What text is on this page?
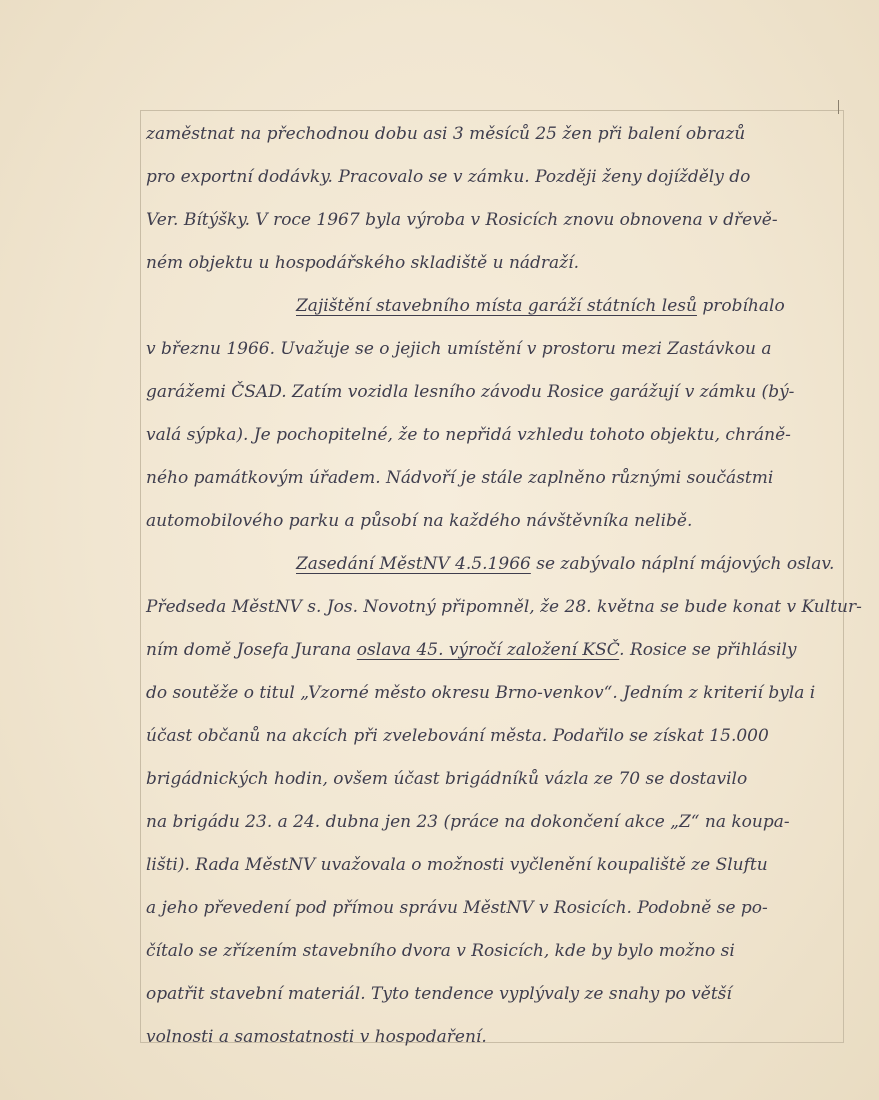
zaměstnat na přechodnou dobu asi 3 měsíců 25 žen při balení obrazů
pro exportní dodávky. Pracovalo se v zámku. Později ženy dojížděly do
Ver. Bítýšky. V roce 1967 byla výroba v Rosicích znovu obnovena v dřevě-
ném objektu u hospodářského skladiště u nádraží.
Zajištění stavebního místa garáží státních lesů probíhalo
v březnu 1966. Uvažuje se o jejich umístění v prostoru mezi Zastávkou a
garážemi ČSAD. Zatím vozidla lesního závodu Rosice garážují v zámku (bý-
valá sýpka). Je pochopitelné, že to nepřidá vzhledu tohoto objektu, chráně-
ného památkovým úřadem. Nádvoří je stále zaplněno různými součástmi
automobilového parku a působí na každého návštěvníka nelibě.
Zasedání MěstNV 4.5.1966 se zabývalo náplní májových oslav.
Předseda MěstNV s. Jos. Novotný připomněl, že 28. května se bude konat v Kultur-
ním domě Josefa Jurana oslava 45. výročí založení KSČ. Rosice se přihlásily
do soutěže o titul „Vzorné město okresu Brno-venkov“. Jedním z kriterií byla i
účast občanů na akcích při zvelebování města. Podařilo se získat 15.000
brigádnických hodin, ovšem účast brigádníků vázla ze 70 se dostavilo
na brigádu 23. a 24. dubna jen 23 (práce na dokončení akce „Z“ na koupa-
lišti). Rada MěstNV uvažovala o možnosti vyčlenění koupaliště ze Sluftu
a jeho převedení pod přímou správu MěstNV v Rosicích. Podobně se po-
čítalo se zřízením stavebního dvora v Rosicích, kde by bylo možno si
opatřit stavební materiál. Tyto tendence vyplývaly ze snahy po větší
volnosti a samostatnosti v hospodaření.
